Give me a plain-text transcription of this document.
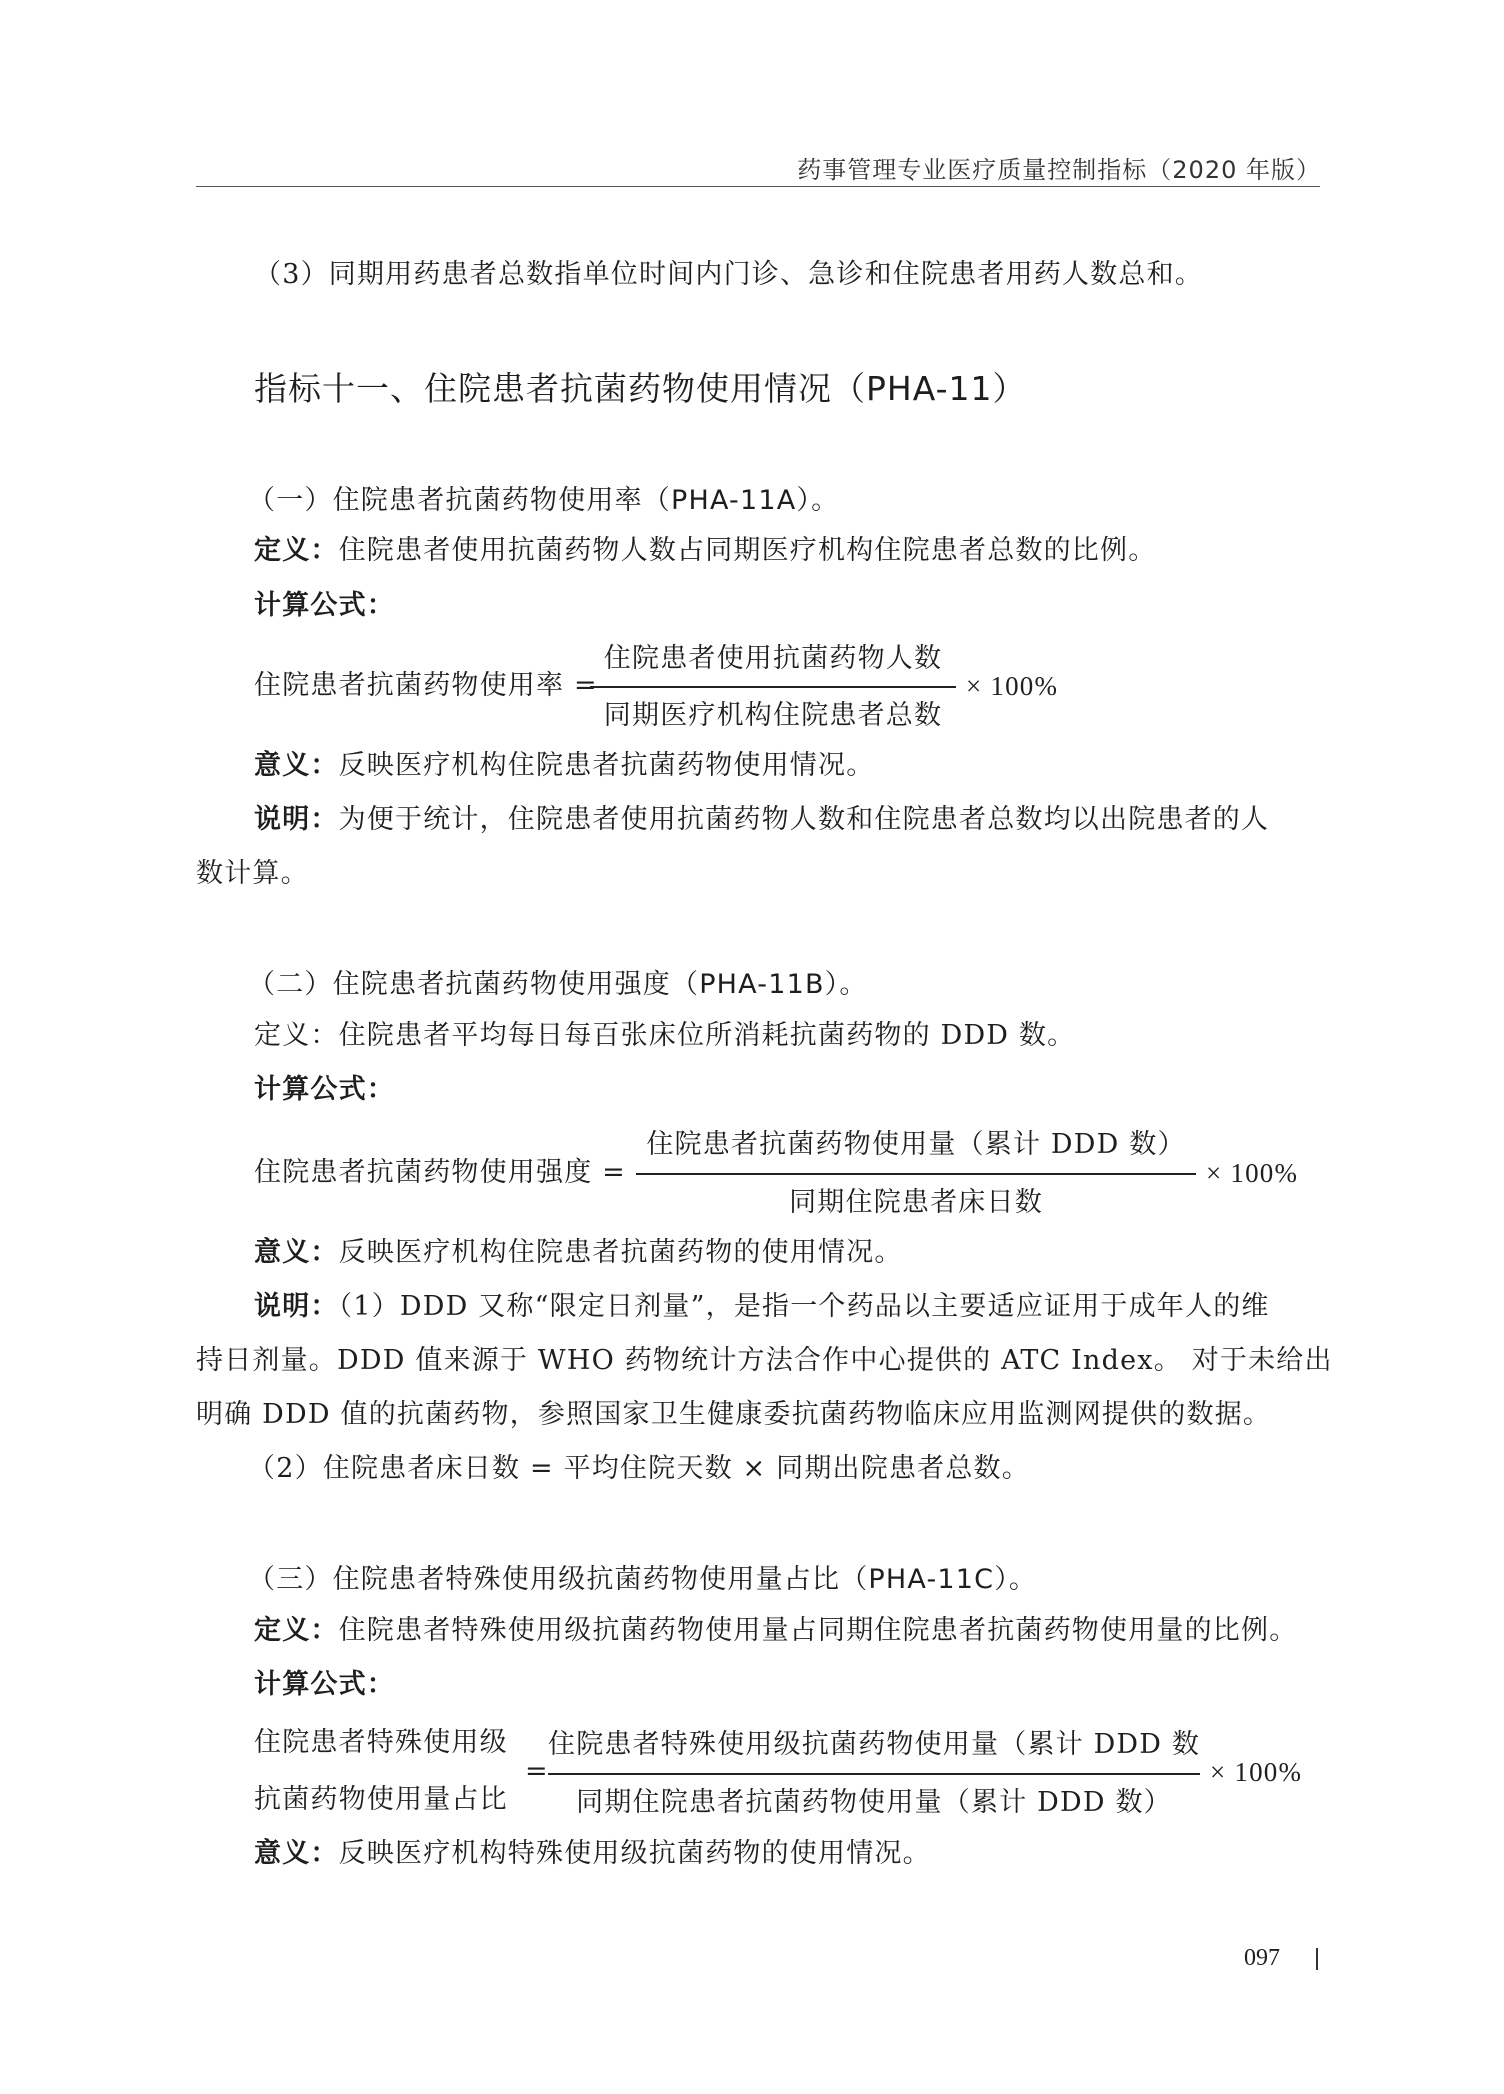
药事管理专业医疗质量控制指标（2020 年版）
（3）同期用药患者总数指单位时间内门诊、急诊和住院患者用药人数总和。
指标十一、住院患者抗菌药物使用情况（PHA-11）
（一）住院患者抗菌药物使用率（PHA-11A）。
定义：住院患者使用抗菌药物人数占同期医疗机构住院患者总数的比例。
计算公式：
住院患者抗菌药物使用率 =
住院患者使用抗菌药物人数
同期医疗机构住院患者总数
× 100%
意义：反映医疗机构住院患者抗菌药物使用情况。
说明：为便于统计，住院患者使用抗菌药物人数和住院患者总数均以出院患者的人
数计算。
（二）住院患者抗菌药物使用强度（PHA-11B）。
定义：住院患者平均每日每百张床位所消耗抗菌药物的 DDD 数。
计算公式：
住院患者抗菌药物使用强度 =
住院患者抗菌药物使用量（累计 DDD 数）
同期住院患者床日数
× 100%
意义：反映医疗机构住院患者抗菌药物的使用情况。
说明：（1）DDD 又称“限定日剂量”，是指一个药品以主要适应证用于成年人的维
持日剂量。DDD 值来源于 WHO 药物统计方法合作中心提供的 ATC Index。 对于未给出
明确 DDD 值的抗菌药物，参照国家卫生健康委抗菌药物临床应用监测网提供的数据。
（2）住院患者床日数 = 平均住院天数 × 同期出院患者总数。
（三）住院患者特殊使用级抗菌药物使用量占比（PHA-11C）。
定义：住院患者特殊使用级抗菌药物使用量占同期住院患者抗菌药物使用量的比例。
计算公式：
住院患者特殊使用级
抗菌药物使用量占比
=
住院患者特殊使用级抗菌药物使用量（累计 DDD 数
同期住院患者抗菌药物使用量（累计 DDD 数）
× 100%
意义：反映医疗机构特殊使用级抗菌药物的使用情况。
097
